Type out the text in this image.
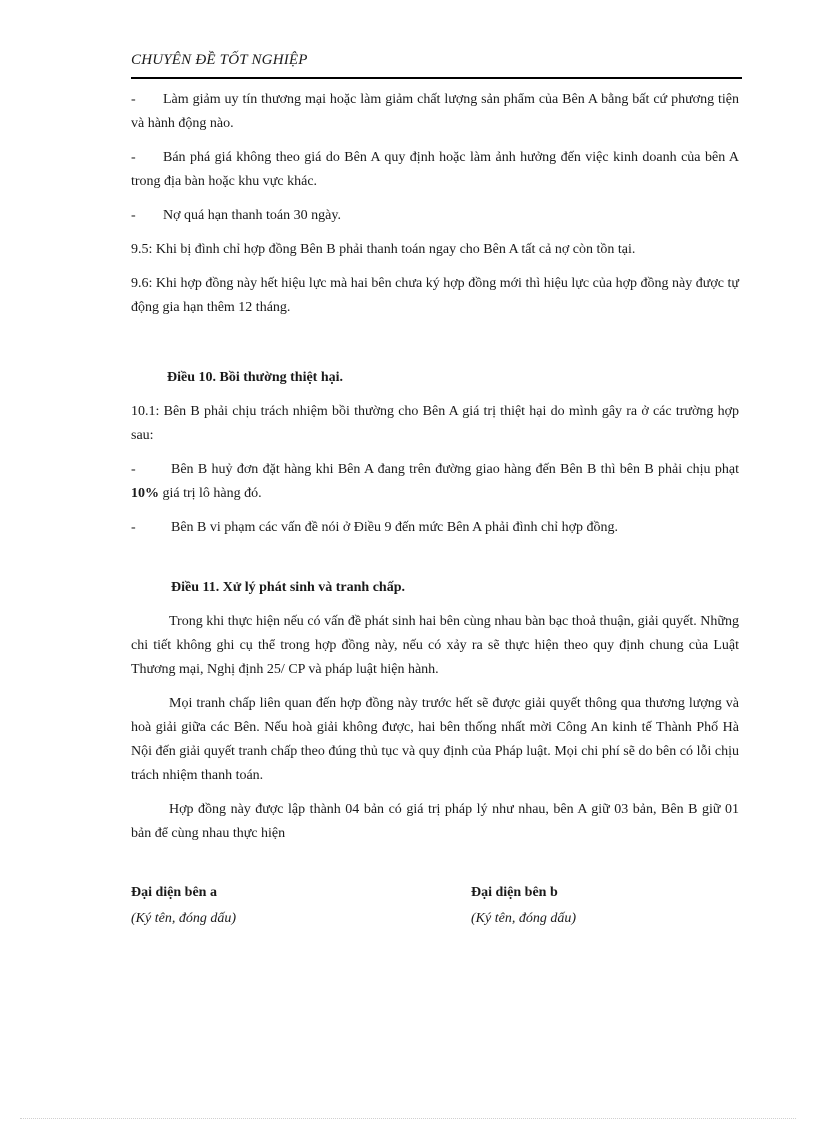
CHUYÊN ĐỀ TỐT NGHIỆP

- Làm giảm uy tín thương mại hoặc làm giảm chất lượng sản phẩm của Bên A bằng bất cứ phương tiện và hành động nào.

- Bán phá giá không theo giá do Bên A quy định hoặc làm ảnh hưởng đến việc kinh doanh của bên A trong địa bàn hoặc khu vực khác.

- Nợ quá hạn thanh toán 30 ngày.

9.5: Khi bị đình chỉ hợp đồng Bên B phải thanh toán ngay cho Bên A tất cả nợ còn tồn tại.

9.6: Khi hợp đồng này hết hiệu lực mà hai bên chưa ký hợp đồng mới thì hiệu lực của hợp đồng này được tự động gia hạn thêm 12 tháng.

Điều 10. Bồi thường thiệt hại.

10.1: Bên B phải chịu trách nhiệm bồi thường cho Bên A giá trị thiệt hại do mình gây ra ở các trường hợp sau:

-	Bên B huỷ đơn đặt hàng khi Bên A đang trên đường giao hàng đến Bên B thì bên B phải chịu phạt 10% giá trị lô hàng đó.

-	Bên B vi phạm các vấn đề nói ở Điều 9 đến mức Bên A phải đình chỉ hợp đồng.

Điều 11. Xử lý phát sinh và tranh chấp.

Trong khi thực hiện nếu có vấn đề phát sinh hai bên cùng nhau bàn bạc thoả thuận, giải quyết. Những chi tiết không ghi cụ thể trong hợp đồng này, nếu có xảy ra sẽ thực hiện theo quy định chung của Luật Thương mại, Nghị định 25/ CP và pháp luật hiện hành.

Mọi tranh chấp liên quan đến hợp đồng này trước hết sẽ được giải quyết thông qua thương lượng và hoà giải giữa các Bên. Nếu hoà giải không được, hai bên thống nhất mời Công An kinh tế Thành Phố Hà Nội đến giải quyết tranh chấp theo đúng thủ tục và quy định của Pháp luật. Mọi chi phí sẽ do bên có lỗi chịu trách nhiệm thanh toán.

Hợp đồng này được lập thành 04 bản có giá trị pháp lý như nhau, bên A giữ 03 bản, Bên B giữ 01 bản để cùng nhau thực hiện

Đại diện bên a
(Ký tên, đóng dấu)
Đại diện bên b
(Ký tên, đóng dấu)
